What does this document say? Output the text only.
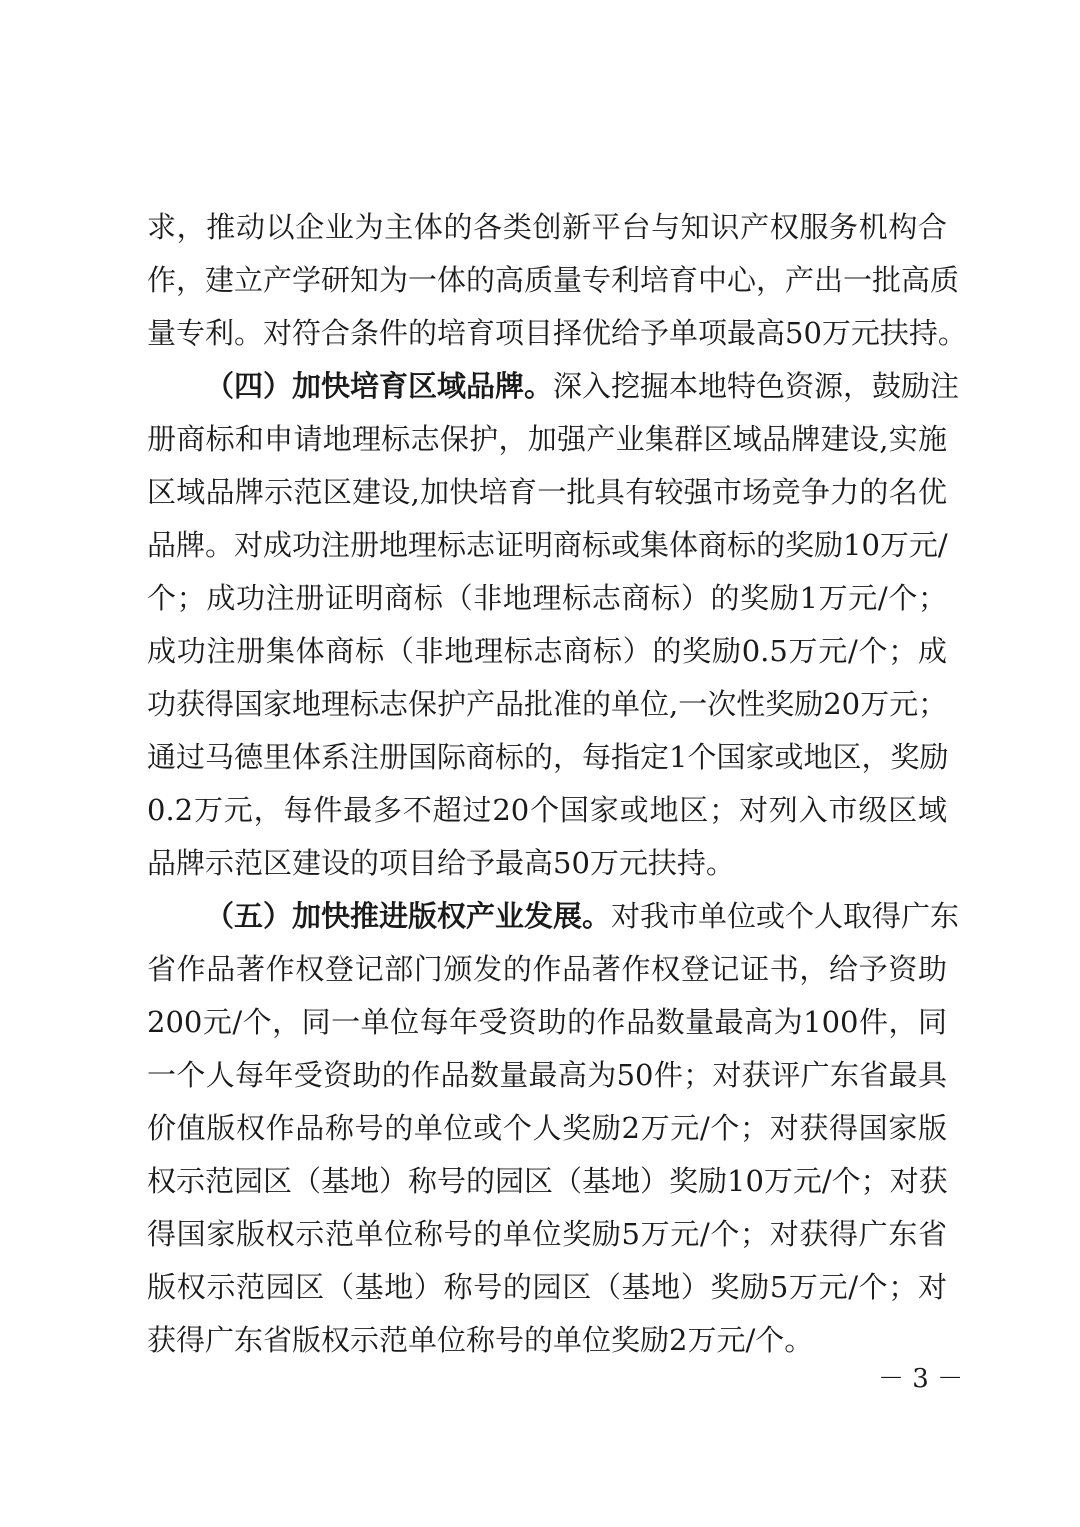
求，推动以企业为主体的各类创新平台与知识产权服务机构合
作，建立产学研知为一体的高质量专利培育中心，产出一批高质
量专利。对符合条件的培育项目择优给予单项最高50万元扶持。
（四）加快培育区域品牌。深入挖掘本地特色资源，鼓励注
册商标和申请地理标志保护，加强产业集群区域品牌建设,实施
区域品牌示范区建设,加快培育一批具有较强市场竞争力的名优
品牌。对成功注册地理标志证明商标或集体商标的奖励10万元/
个；成功注册证明商标（非地理标志商标）的奖励1万元/个；
成功注册集体商标（非地理标志商标）的奖励0.5万元/个；成
功获得国家地理标志保护产品批准的单位,一次性奖励20万元；
通过马德里体系注册国际商标的，每指定1个国家或地区，奖励
0.2万元，每件最多不超过20个国家或地区；对列入市级区域
品牌示范区建设的项目给予最高50万元扶持。
（五）加快推进版权产业发展。对我市单位或个人取得广东
省作品著作权登记部门颁发的作品著作权登记证书，给予资助
200元/个，同一单位每年受资助的作品数量最高为100件，同
一个人每年受资助的作品数量最高为50件；对获评广东省最具
价值版权作品称号的单位或个人奖励2万元/个；对获得国家版
权示范园区（基地）称号的园区（基地）奖励10万元/个；对获
得国家版权示范单位称号的单位奖励5万元/个；对获得广东省
版权示范园区（基地）称号的园区（基地）奖励5万元/个；对
获得广东省版权示范单位称号的单位奖励2万元/个。
－ 3 －
